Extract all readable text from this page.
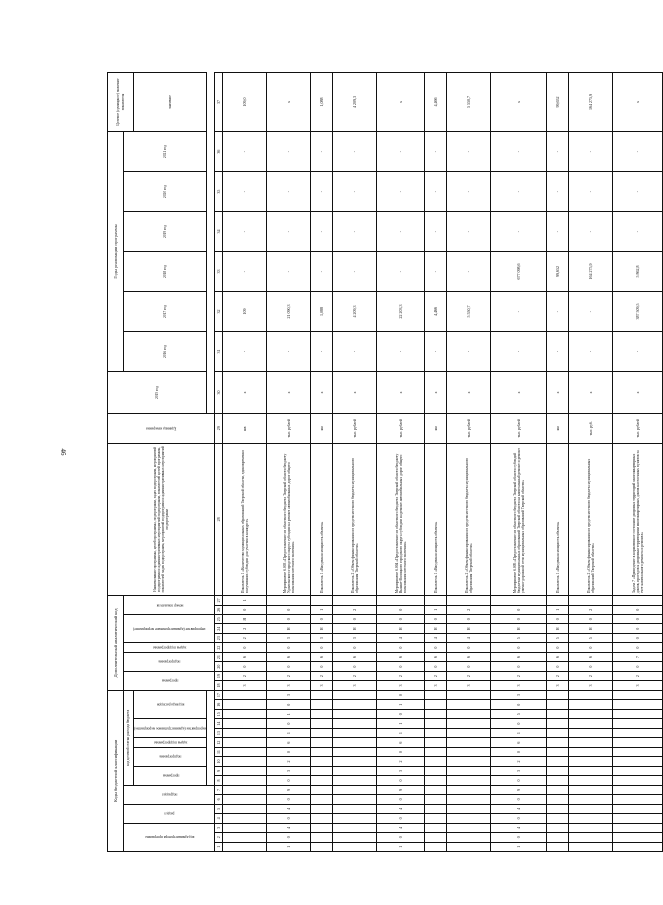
46
Коды бюджетной классификации																	Дополнительный аналитический код										Наименование программы, целей программы, подпрограмм, задач подпрограмм, мероприятий подпрограмм и административных мероприятий подпрограмм, показателей целей программы, показателей задач подпрограмм, мероприятий подпрограмм и административных мероприятий подпрограмм	Единица измерения	2015 год	Годы реализации программы						Целевое (суммарное) значение показателя
код администратора программы			раздел		подраздел		код целевой статьи расхода бюджета										программа		подпрограмма		задача подпрограммы	мероприятие (административное мероприятие)			номер показателя					2016 год	2017 год	2018 год	2019 год	2020 год	2021 год	
							программа		подпрограмма		задача подпрограммы	мероприятие (административное мероприятие)		код вида расходов																						значение

1	2	3	4	5	6	7	8	9	10	11	12	13	14	15	16	17	18	19	20	21	22	23	24	25	26	27	28	29	30	31	32	33	34	35	36	37
																	3	2	0	6	0	2	2	Я	0	1	Показатель 1 «Количество муниципальных образований Тверской области, единовременно получивших субсидии для участия в конкурсе»	шт.	х	-	109	-	-	-	-	109,0
1	0	4	0	4	0	9	0	3	2	0	6	1	0	1	0	3	3	2	0	6	0	3	Н	0	0		Мероприятие 6.003 «Предоставление из областного бюджета Тверской области бюджету Удомельского городского округа субсидии на ремонт автомобильных дорог общего пользования местного значения»	тыс. рублей	х	-	21 090,3	-	-	-	-	х
																	3	2	0	6	0	3	Н	0	1		Показатель 1 «Введенная мощность объекта»	км	х	-	1,088	-	-	-	-	1,088
																	3	2	0	6	0	3	Н	0	2		Показатель 2 «Объем финансирования из средств местного бюджета муниципального образования Тверской области»	тыс. рублей	х	-	4 209,3	-	-	-	-	4 209,3
1	0	4	0	4	0	9	0	3	2	0	6	1	1	0	1	0	3	2	0	6	0	4	Н	0	0		Мероприятие 6.004 «Предоставление из областного бюджета Тверской области бюджету Вышне-Волоцкого городского округа субсидии на ремонт автомобильных дорог общего пользования местного значения»	тыс. рублей	х	-	22 203,3	-	-	-	-	х
																	3	2	0	6	0	4	Н	0	1		Показатель 1 «Введенная мощность объекта»	км	х	-	4,466	-	-	-	-	4,466
																	3	2	0	6	0	4	Н	0	2		Показатель 2 «Объем финансирования из средств местного бюджета муниципального образования Тверской области»	тыс. рублей	х	-	5 550,7	-	-	-	-	5 550,7
1	0	4	0	4	0	9	0	3	2	0	6	1	0	5	0	3	3	2	0	6	0	5	Н	0	0		Мероприятие 6.005 «Предоставление из областного бюджета Тверской области субсидий бюджетам муниципальных образований Тверской области на капитальный ремонт и ремонт улично-дорожной сети муниципальных образований Тверской области»	тыс. рублей	х	-	-	677 098,6	-	-	-	х
																	3	2	0	6	0	5	Н	0	1		Показатель 1 «Введенная мощность объекта»	км	х	-	-	99,652	-	-	-	99,652
																	3	2	0	6	0	5	Н	0	2		Показатель 2 «Объем финансирования из средств местного бюджета муниципальных образований Тверской области»	тыс. руб.	х	-	-	164 275,9	-	-	-	164 275,9
																	3	2	0	7	0	0	0	0	0		Задача 7 «Приведение в нормативное состояние дворовых территорий многоквартирных домов, проездов к дворовым территориям многоквартирных домов населенных пунктов за счет капитального ремонта и ремонта»	тыс. рублей	х	-	387 509,5	5 862,8	-	-	-	х
